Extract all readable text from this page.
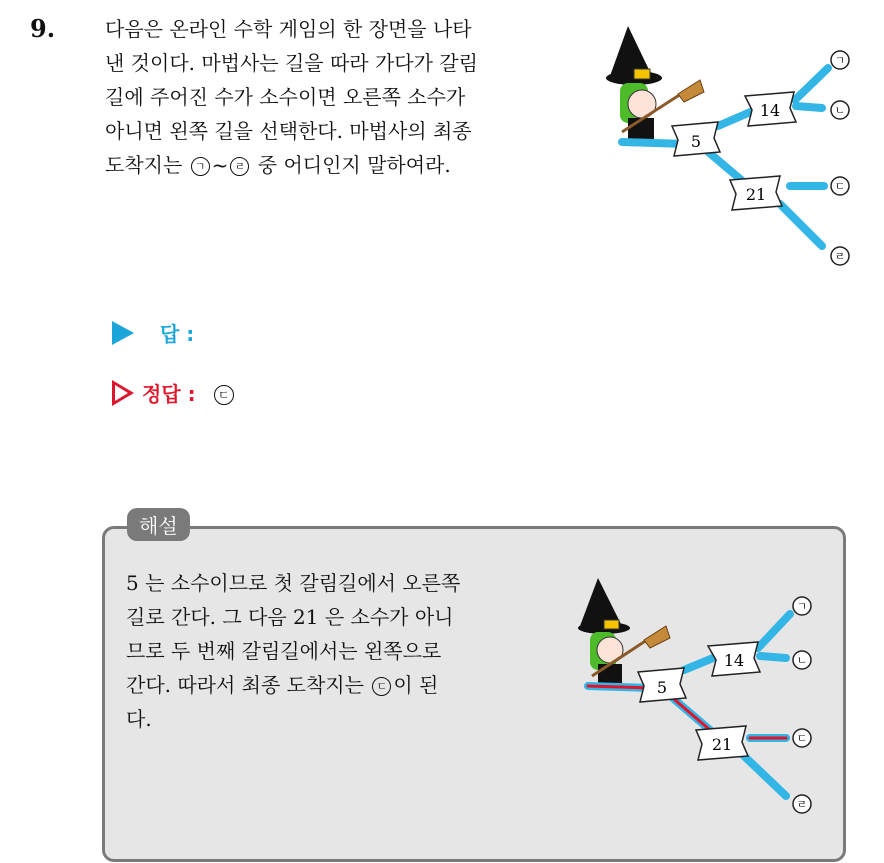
9. 다음은 온라인 수학 게임의 한 장면을 나타
낸 것이다. 마법사는 길을 따라 가다가 갈림
길에 주어진 수가 소수이면 오른쪽 소수가
아니면 왼쪽 길을 선택한다. 마법사의 최종
도착지는 ㄱ ~ ㄹ 중 어디인지 말하여라.
5
14
21
ㄱ
ㄴ
ㄷ
ㄹ
답 :
정답 : ㄷ
해설
5 는 소수이므로 첫 갈림길에서 오른쪽
길로 간다. 그 다음 21 은 소수가 아니
므로 두 번째 갈림길에서는 왼쪽으로
간다. 따라서 최종 도착지는 ㄷ 이 된
다.
5
14
21
ㄱ
ㄴ
ㄷ
ㄹ
